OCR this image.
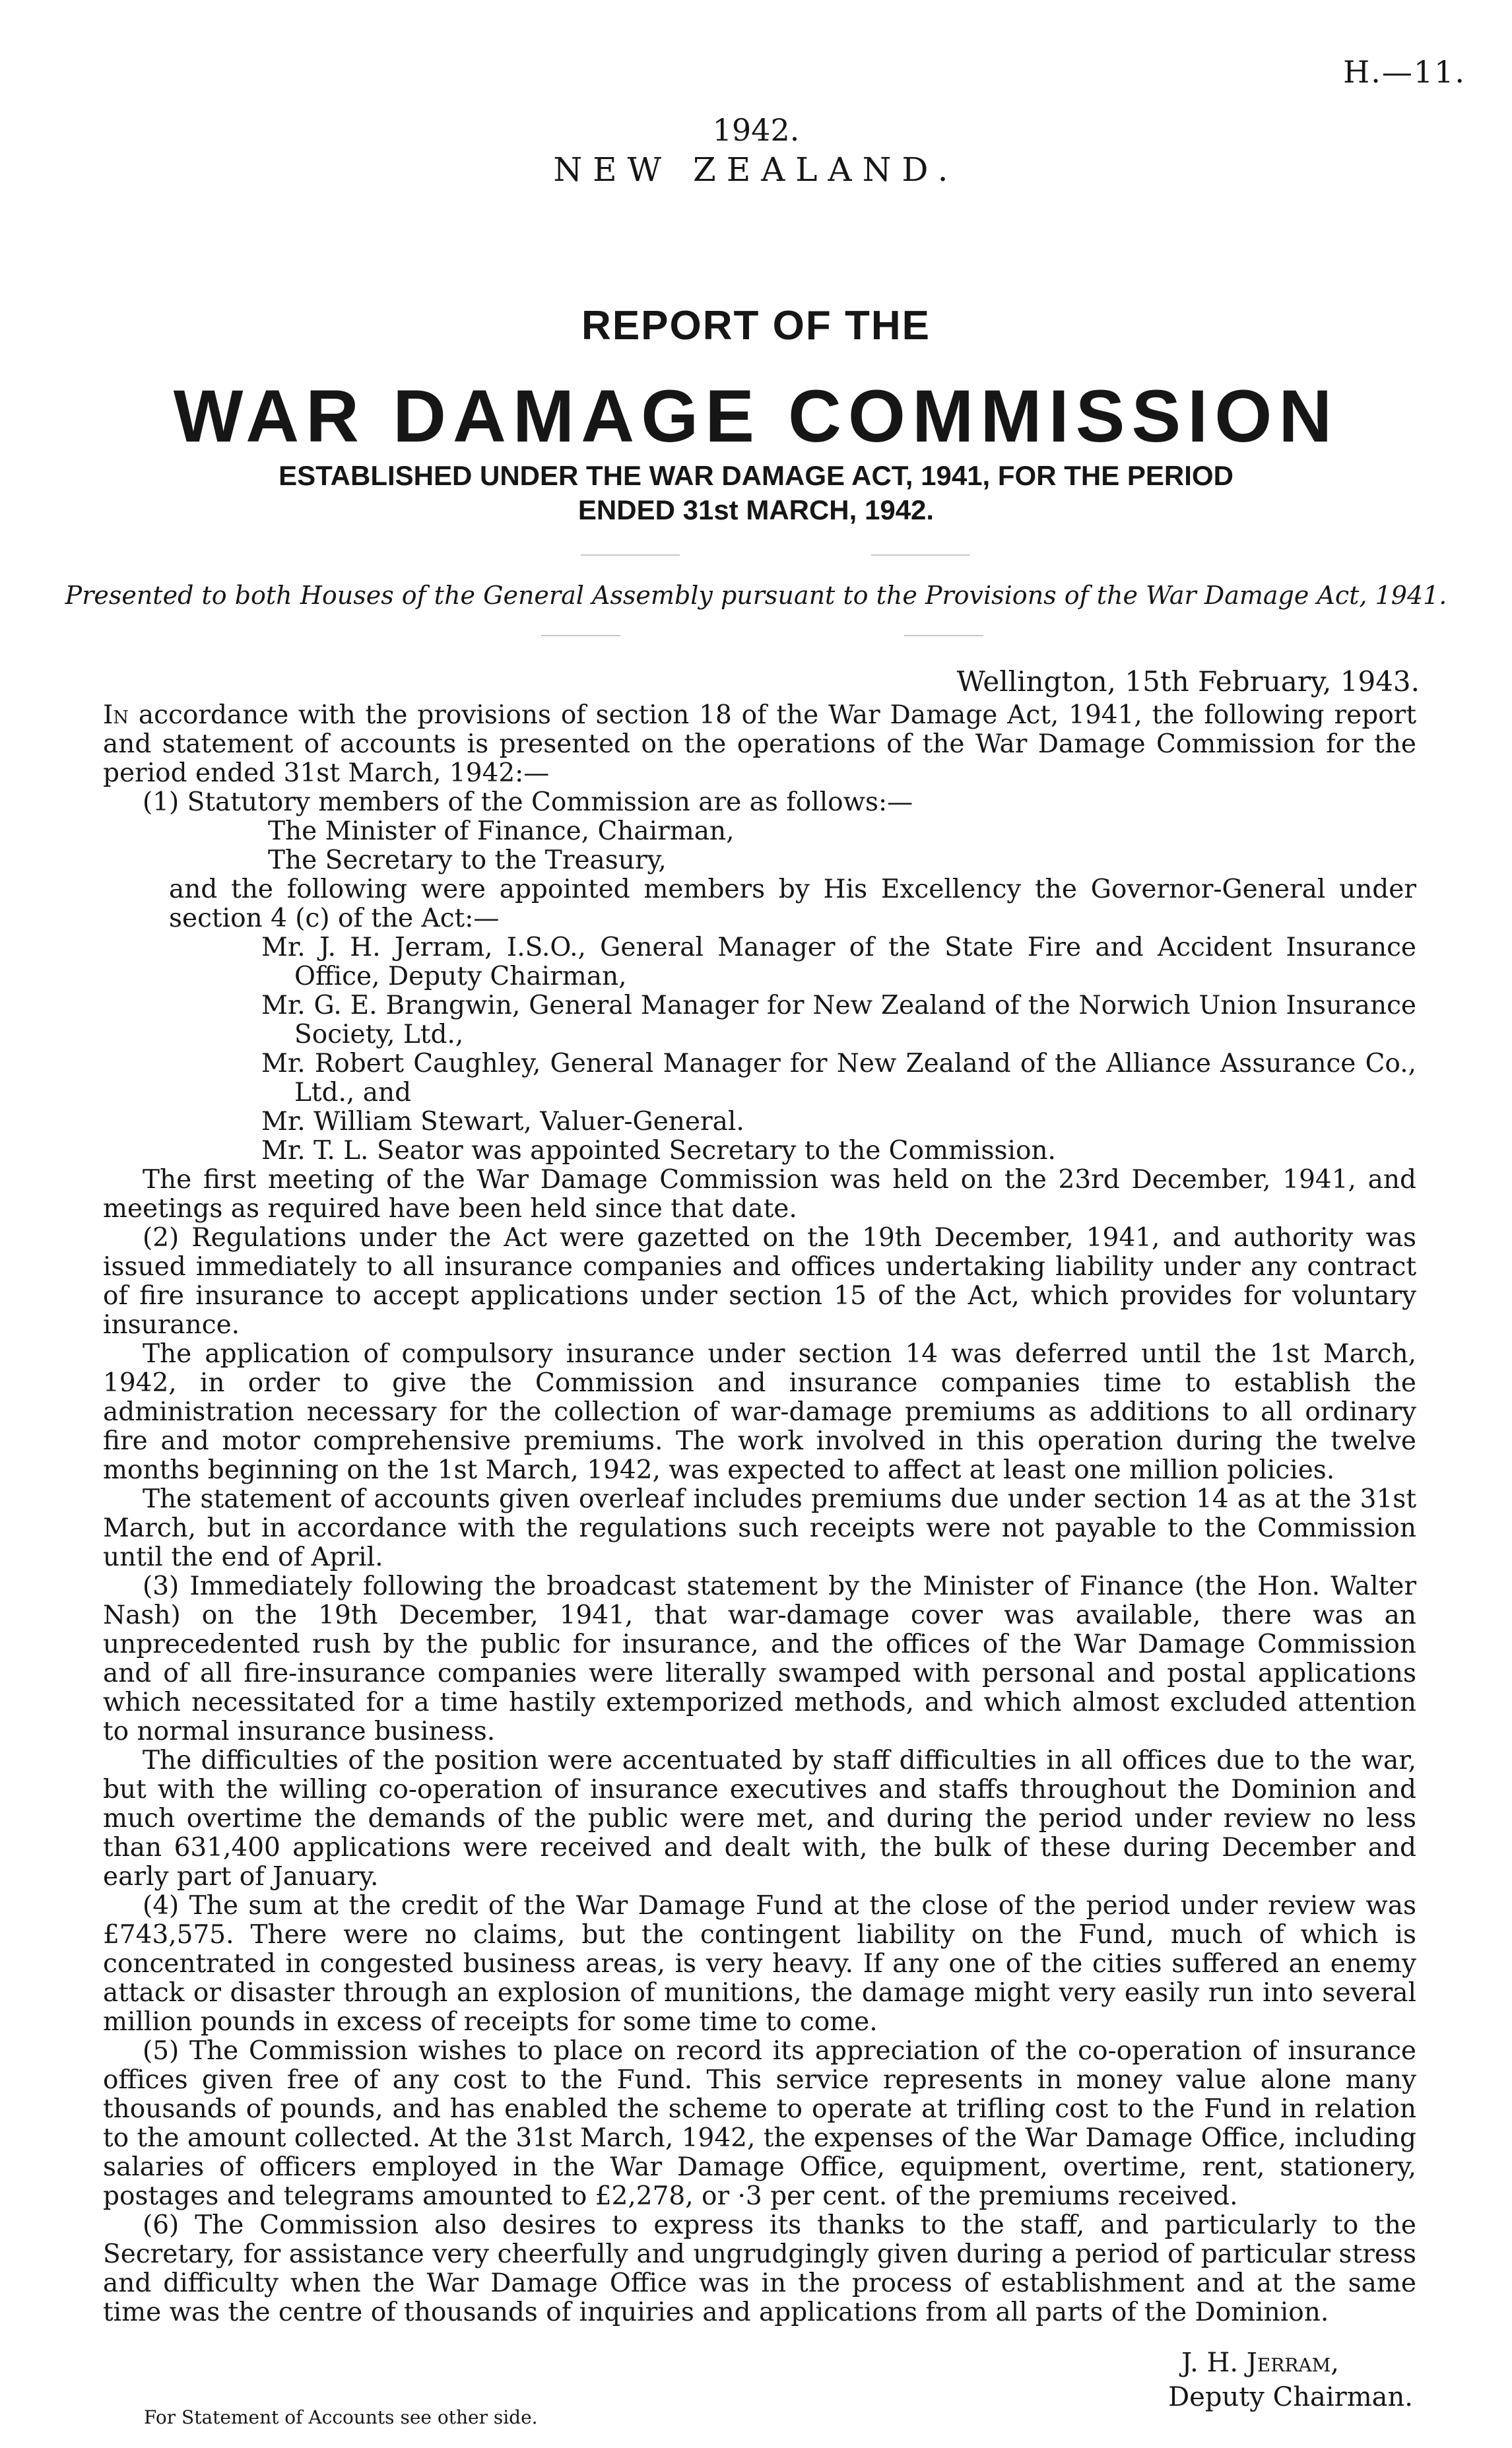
H.—11.
1942.
NEW ZEALAND.
REPORT OF THE
WAR DAMAGE COMMISSION
ESTABLISHED UNDER THE WAR DAMAGE ACT, 1941, FOR THE PERIOD
ENDED 31st MARCH, 1942.
Presented to both Houses of the General Assembly pursuant to the Provisions of the War Damage Act, 1941.
Wellington, 15th February, 1943.

In accordance with the provisions of section 18 of the War Damage Act, 1941, the following report and statement of accounts is presented on the operations of the War Damage Commission for the period ended 31st March, 1942:—

(1) Statutory members of the Commission are as follows:—

The Minister of Finance, Chairman,
The Secretary to the Treasury,

and the following were appointed members by His Excellency the Governor-General under section 4 (c) of the Act:—

Mr. J. H. Jerram, I.S.O., General Manager of the State Fire and Accident Insurance Office, Deputy Chairman,

Mr. G. E. Brangwin, General Manager for New Zealand of the Norwich Union Insurance Society, Ltd.,

Mr. Robert Caughley, General Manager for New Zealand of the Alliance Assurance Co., Ltd., and

Mr. William Stewart, Valuer-General.

Mr. T. L. Seator was appointed Secretary to the Commission.

The first meeting of the War Damage Commission was held on the 23rd December, 1941, and meetings as required have been held since that date.

(2) Regulations under the Act were gazetted on the 19th December, 1941, and authority was issued immediately to all insurance companies and offices undertaking liability under any contract of fire insurance to accept applications under section 15 of the Act, which provides for voluntary insurance.

The application of compulsory insurance under section 14 was deferred until the 1st March, 1942, in order to give the Commission and insurance companies time to establish the administration necessary for the collection of war-damage premiums as additions to all ordinary fire and motor comprehensive premiums. The work involved in this operation during the twelve months beginning on the 1st March, 1942, was expected to affect at least one million policies.

The statement of accounts given overleaf includes premiums due under section 14 as at the 31st March, but in accordance with the regulations such receipts were not payable to the Commission until the end of April.

(3) Immediately following the broadcast statement by the Minister of Finance (the Hon. Walter Nash) on the 19th December, 1941, that war-damage cover was available, there was an unprecedented rush by the public for insurance, and the offices of the War Damage Commission and of all fire-insurance companies were literally swamped with personal and postal applications which necessitated for a time hastily extemporized methods, and which almost excluded attention to normal insurance business.

The difficulties of the position were accentuated by staff difficulties in all offices due to the war, but with the willing co-operation of insurance executives and staffs throughout the Dominion and much overtime the demands of the public were met, and during the period under review no less than 631,400 applications were received and dealt with, the bulk of these during December and early part of January.

(4) The sum at the credit of the War Damage Fund at the close of the period under review was £743,575. There were no claims, but the contingent liability on the Fund, much of which is concentrated in congested business areas, is very heavy. If any one of the cities suffered an enemy attack or disaster through an explosion of munitions, the damage might very easily run into several million pounds in excess of receipts for some time to come.

(5) The Commission wishes to place on record its appreciation of the co-operation of insurance offices given free of any cost to the Fund. This service represents in money value alone many thousands of pounds, and has enabled the scheme to operate at trifling cost to the Fund in relation to the amount collected. At the 31st March, 1942, the expenses of the War Damage Office, including salaries of officers employed in the War Damage Office, equipment, overtime, rent, stationery, postages and telegrams amounted to £2,278, or ·3 per cent. of the premiums received.

(6) The Commission also desires to express its thanks to the staff, and particularly to the Secretary, for assistance very cheerfully and ungrudgingly given during a period of particular stress and difficulty when the War Damage Office was in the process of establishment and at the same time was the centre of thousands of inquiries and applications from all parts of the Dominion.

J. H. Jerram,
Deputy Chairman.
For Statement of Accounts see other side.
